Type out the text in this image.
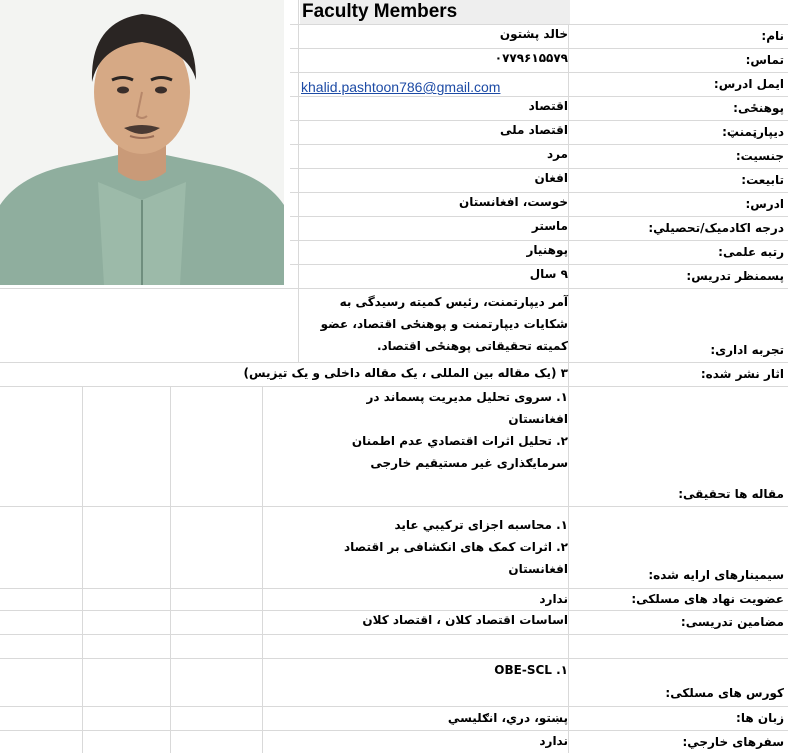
Faculty Members
نام:
خالد پشتون
تماس:
۰۷۷۹۶۱۵۵۷۹
ایمل ادرس:
khalid.pashtoon786@gmail.com
پوهنځی:
اقتصاد
دیپارټمنټ:
اقتصاد ملی
جنسیت:
مرد
تابیعت:
افغان
ادرس:
خوست، افغانستان
درجه اکادمیک/تحصیلي:
ماستر
رتبه علمی:
پوهنیار
پسمنظر تدریس:
۹ سال
تجربه اداری:
آمر دیپارتمنت، رئیس کمیته رسیدگی به
شکایات دیپارتمنت و پوهنځی اقتصاد، عضو
کمیته تحقیقاتی پوهنځی اقتصاد.
اثار نشر شده:
۳ (یک مقاله بین المللی ، یک مقاله داخلی و یک تیزیس)
مقاله ها تحقیقی:
۱. سروی تحلیل مدیریت پسماند در
افغانستان
۲. تحلیل اثرات اقتصادي عدم اطمنان
سرمایګذاری غیر مستیقیم خارجی
سیمینارهای ارایه شده:
۱. محاسبه اجزای ترکیبي عاید
۲. اثرات کمک های انکشافی بر اقتصاد
افغانستان
عضویت نهاد های مسلکی:
ندارد
مضامین تدریسی:
اساسات اقتصاد کلان ، اقتصاد کلان
کورس های مسلکی:
۱. OBE-SCL
زبان ها:
پښتو، دري، انګلیسي
سفرهای خارجي:
ندارد
